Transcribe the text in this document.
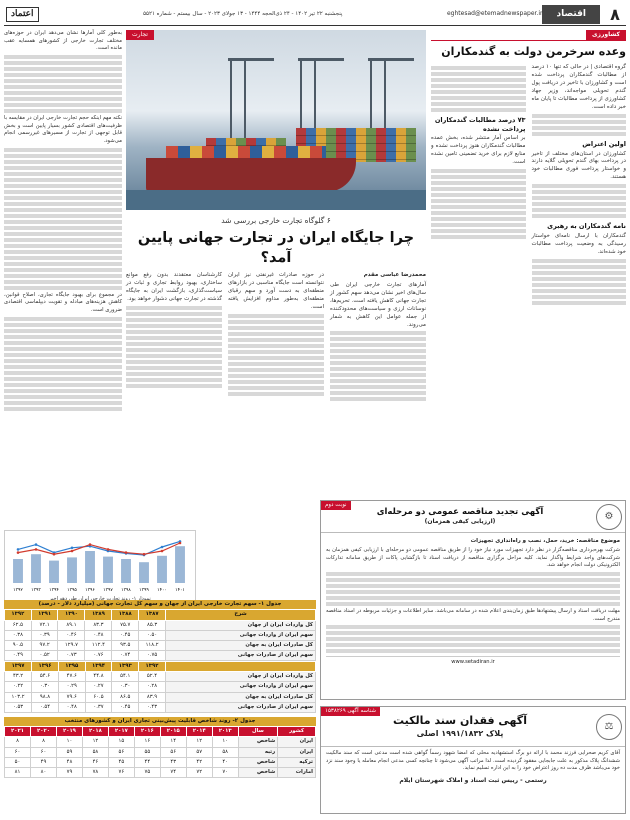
۸
اقتصاد
eghtesad@etemadnewspaper.ir
پنجشنبه ۲۲ تیر ۱۴۰۲ - ۲۴ ذی‌الحجه ۱۴۴۴ - ۱۳ جولای ۲۰۲۳ - سال بیستم - شماره ۵۵۲۱
اعتماد
کشاورزی
وعده سرخرمن دولت به گندمکاران

گروه اقتصادی | در حالی که تنها ۱۰ درصد از مطالبات گندمکاران پرداخت شده است و کشاورزان با تاخیر در دریافت پول گندم تحویلی مواجه‌اند، وزیر جهاد کشاورزی از پرداخت مطالبات تا پایان ماه خبر داده است.

اولین اعتراض

کشاورزان در استان‌های مختلف از تاخیر در پرداخت بهای گندم تحویلی گلایه دارند و خواستار پرداخت فوری مطالبات خود هستند.

نامه گندمکاران به رهبری

گندمکاران با ارسال نامه‌ای خواستار رسیدگی به وضعیت پرداخت مطالبات خود شده‌اند.

۷۳ درصد مطالبات گندمکاران پرداخت نشده

بر اساس آمار منتشر شده، بخش عمده مطالبات گندمکاران هنوز پرداخت نشده و منابع لازم برای خرید تضمینی تامین نشده است.

تجارت
۶ گلوگاه تجارت خارجی بررسی شد
چرا جایگاه ایران در تجارت جهانی پایین آمد؟
محمدرضا عباسی مقدم

آمارهای تجارت خارجی ایران طی سال‌های اخیر نشان می‌دهد سهم کشور از تجارت جهانی کاهش یافته است. تحریم‌ها، نوسانات ارزی و سیاست‌های محدودکننده از جمله عوامل این کاهش به شمار می‌روند.

در حوزه صادرات غیرنفتی نیز ایران نتوانسته است جایگاه مناسبی در بازارهای منطقه‌ای به دست آورد و سهم رقبای منطقه‌ای به‌طور مداوم افزایش یافته است.

کارشناسان معتقدند بدون رفع موانع ساختاری، بهبود روابط تجاری و ثبات در سیاست‌گذاری، بازگشت ایران به جایگاه گذشته در تجارت جهانی دشوار خواهد بود.

به‌طور کلی آمارها نشان می‌دهد ایران در حوزه‌های مختلف تجارت خارجی از کشورهای همسایه عقب مانده است.

نکته مهم اینکه حجم تجارت خارجی ایران در مقایسه با ظرفیت‌های اقتصادی کشور بسیار پایین است و بخش قابل توجهی از تجارت از مسیرهای غیررسمی انجام می‌شود.

در مجموع برای بهبود جایگاه تجاری، اصلاح قوانین، کاهش هزینه‌های مبادله و تقویت دیپلماسی اقتصادی ضروری است.

۱۳۹۲ ۱۳۹۳ ۱۳۹۴ ۱۳۹۵ ۱۳۹۶ ۱۳۹۷ ۱۳۹۸ ۱۳۹۹ ۱۴۰۰ ۱۴۰۱
جدول ۱- سهم تجارت خارجی ایران از جهان و سهم کل تجارت جهانی (میلیارد دلار - درصد)
شرح	۱۳۸۷	۱۳۸۸	۱۳۸۹	۱۳۹۰	۱۳۹۱	۱۳۹۲
کل واردات ایران از جهان	۸۵.۳	۷۵.۷	۸۳.۳	۸۹.۱	۷۲.۱	۶۲.۵
سهم ایران از واردات جهانی	۰.۵۰	۰.۴۵	۰.۴۸	۰.۴۶	۰.۳۹	۰.۳۸
کل صادرات ایران به جهان	۱۱۸.۲	۹۳.۵	۱۱۲.۴	۱۲۹.۷	۹۷.۲	۹۰.۵
سهم ایران از صادرات جهانی	۰.۷۵	۰.۷۴	۰.۷۶	۰.۷۳	۰.۵۲	۰.۴۹
	۱۳۹۲	۱۳۹۳	۱۳۹۴	۱۳۹۵	۱۳۹۶	۱۳۹۷
کل واردات ایران از جهان	۵۲.۴	۵۴.۱	۴۴.۸	۴۷.۶	۵۴.۶	۴۳.۲
سهم ایران از واردات جهانی	۰.۲۸	۰.۳۰	۰.۲۷	۰.۲۹	۰.۳۰	۰.۲۲
کل صادرات ایران به جهان	۸۳.۹	۸۶.۵	۶۰.۵	۷۹.۶	۹۸.۸	۱۰۳.۲
سهم ایران از صادرات جهانی	۰.۴۳	۰.۴۵	۰.۳۷	۰.۴۸	۰.۵۴	۰.۵۳
جدول ۲- روند شاخص قابلیت پیش‌بینی تجاری ایران و کشورهای منتخب
کشور	سال	۲۰۱۳	۲۰۱۴	۲۰۱۵	۲۰۱۶	۲۰۱۷	۲۰۱۸	۲۰۱۹	۲۰۲۰	۲۰۲۱
ایران	شاخص	۱۰	۱۲	۱۴	۱۶	۱۵	۱۲	۱۰	۸	۸
ایران	رتبه	۵۸	۵۷	۵۶	۵۵	۵۶	۵۸	۵۹	۶۰	۶۰
ترکیه	شاخص	۴۰	۴۲	۴۳	۴۴	۴۵	۴۶	۴۸	۴۹	۵۰
امارات	شاخص	۷۰	۷۲	۷۴	۷۵	۷۶	۷۸	۷۹	۸۰	۸۱
نوبت دوم
⚙
آگهی تجدید مناقصه عمومی دو مرحله‌ای
(ارزیابی کیفی همزمان)
موضوع مناقصه: خرید، حمل، نصب و راه‌اندازی تجهیزات

شرکت بهره‌برداری مناقصه‌گزار در نظر دارد تجهیزات مورد نیاز خود را از طریق مناقصه عمومی دو مرحله‌ای با ارزیابی کیفی همزمان به شرکت‌های واجد شرایط واگذار نماید. کلیه مراحل برگزاری مناقصه از دریافت اسناد تا بازگشایی پاکات از طریق سامانه تدارکات الکترونیکی دولت انجام خواهد شد.

مهلت دریافت اسناد و ارسال پیشنهادها طبق زمان‌بندی اعلام شده در سامانه می‌باشد. سایر اطلاعات و جزئیات مربوطه در اسناد مناقصه مندرج است.

www.setadiran.ir
شناسه آگهی ۱۵۳۸۲۶۹
⚖
آگهی فقدان سند مالکیت
پلاک ۱۹۹۱/۱۸۳۲ اصلی

آقای کریم صحرایی فرزند محمد با ارائه دو برگ استشهادیه محلی که امضا شهود رسماً گواهی شده است مدعی است که سند مالکیت ششدانگ پلاک مذکور به علت جابجایی مفقود گردیده است. لذا مراتب آگهی می‌شود تا چنانچه کسی مدعی انجام معامله یا وجود سند نزد خود می‌باشد ظرف مدت ده روز اعتراض خود را به این اداره تسلیم نماید.

رستمی - رییس ثبت اسناد و املاک شهرستان ایلام
